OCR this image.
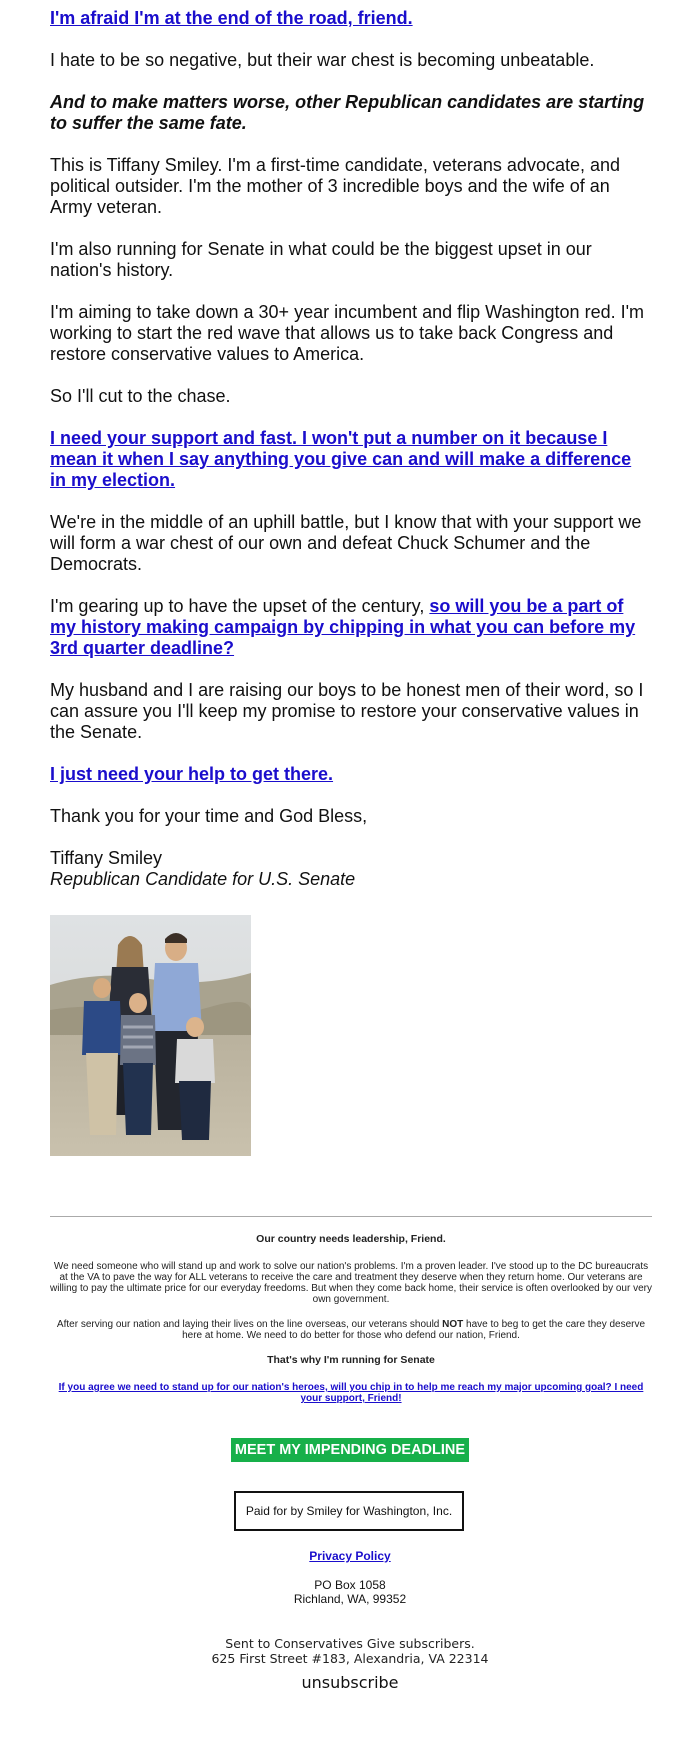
I'm afraid I'm at the end of the road, friend.

I hate to be so negative, but their war chest is becoming unbeatable.

And to make matters worse, other Republican candidates are starting to suffer the same fate.

This is Tiffany Smiley. I'm a first-time candidate, veterans advocate, and political outsider. I'm the mother of 3 incredible boys and the wife of an Army veteran.

I'm also running for Senate in what could be the biggest upset in our nation's history.

I'm aiming to take down a 30+ year incumbent and flip Washington red. I'm working to start the red wave that allows us to take back Congress and restore conservative values to America.

So I'll cut to the chase.

I need your support and fast. I won't put a number on it because I mean it when I say anything you give can and will make a difference in my election.

We're in the middle of an uphill battle, but I know that with your support we will form a war chest of our own and defeat Chuck Schumer and the Democrats.

I'm gearing up to have the upset of the century, so will you be a part of my history making campaign by chipping in what you can before my 3rd quarter deadline?

My husband and I are raising our boys to be honest men of their word, so I can assure you I'll keep my promise to restore your conservative values in the Senate.

I just need your help to get there.

Thank you for your time and God Bless,

Tiffany Smiley
Republican Candidate for U.S. Senate

Our country needs leadership, Friend.

We need someone who will stand up and work to solve our nation's problems. I'm a proven leader. I've stood up to the DC bureaucrats at the VA to pave the way for ALL veterans to receive the care and treatment they deserve when they return home. Our veterans are willing to pay the ultimate price for our everyday freedoms. But when they come back home, their service is often overlooked by our very own government.

After serving our nation and laying their lives on the line overseas, our veterans should NOT have to beg to get the care they deserve here at home. We need to do better for those who defend our nation, Friend.

That's why I'm running for Senate

If you agree we need to stand up for our nation's heroes, will you chip in to help me reach my major upcoming goal? I need your support, Friend!

MEET MY IMPENDING DEADLINE
Paid for by Smiley for Washington, Inc.
Privacy Policy
PO Box 1058
Richland, WA, 99352
Sent to Conservatives Give subscribers.
625 First Street #183, Alexandria, VA 22314
unsubscribe
